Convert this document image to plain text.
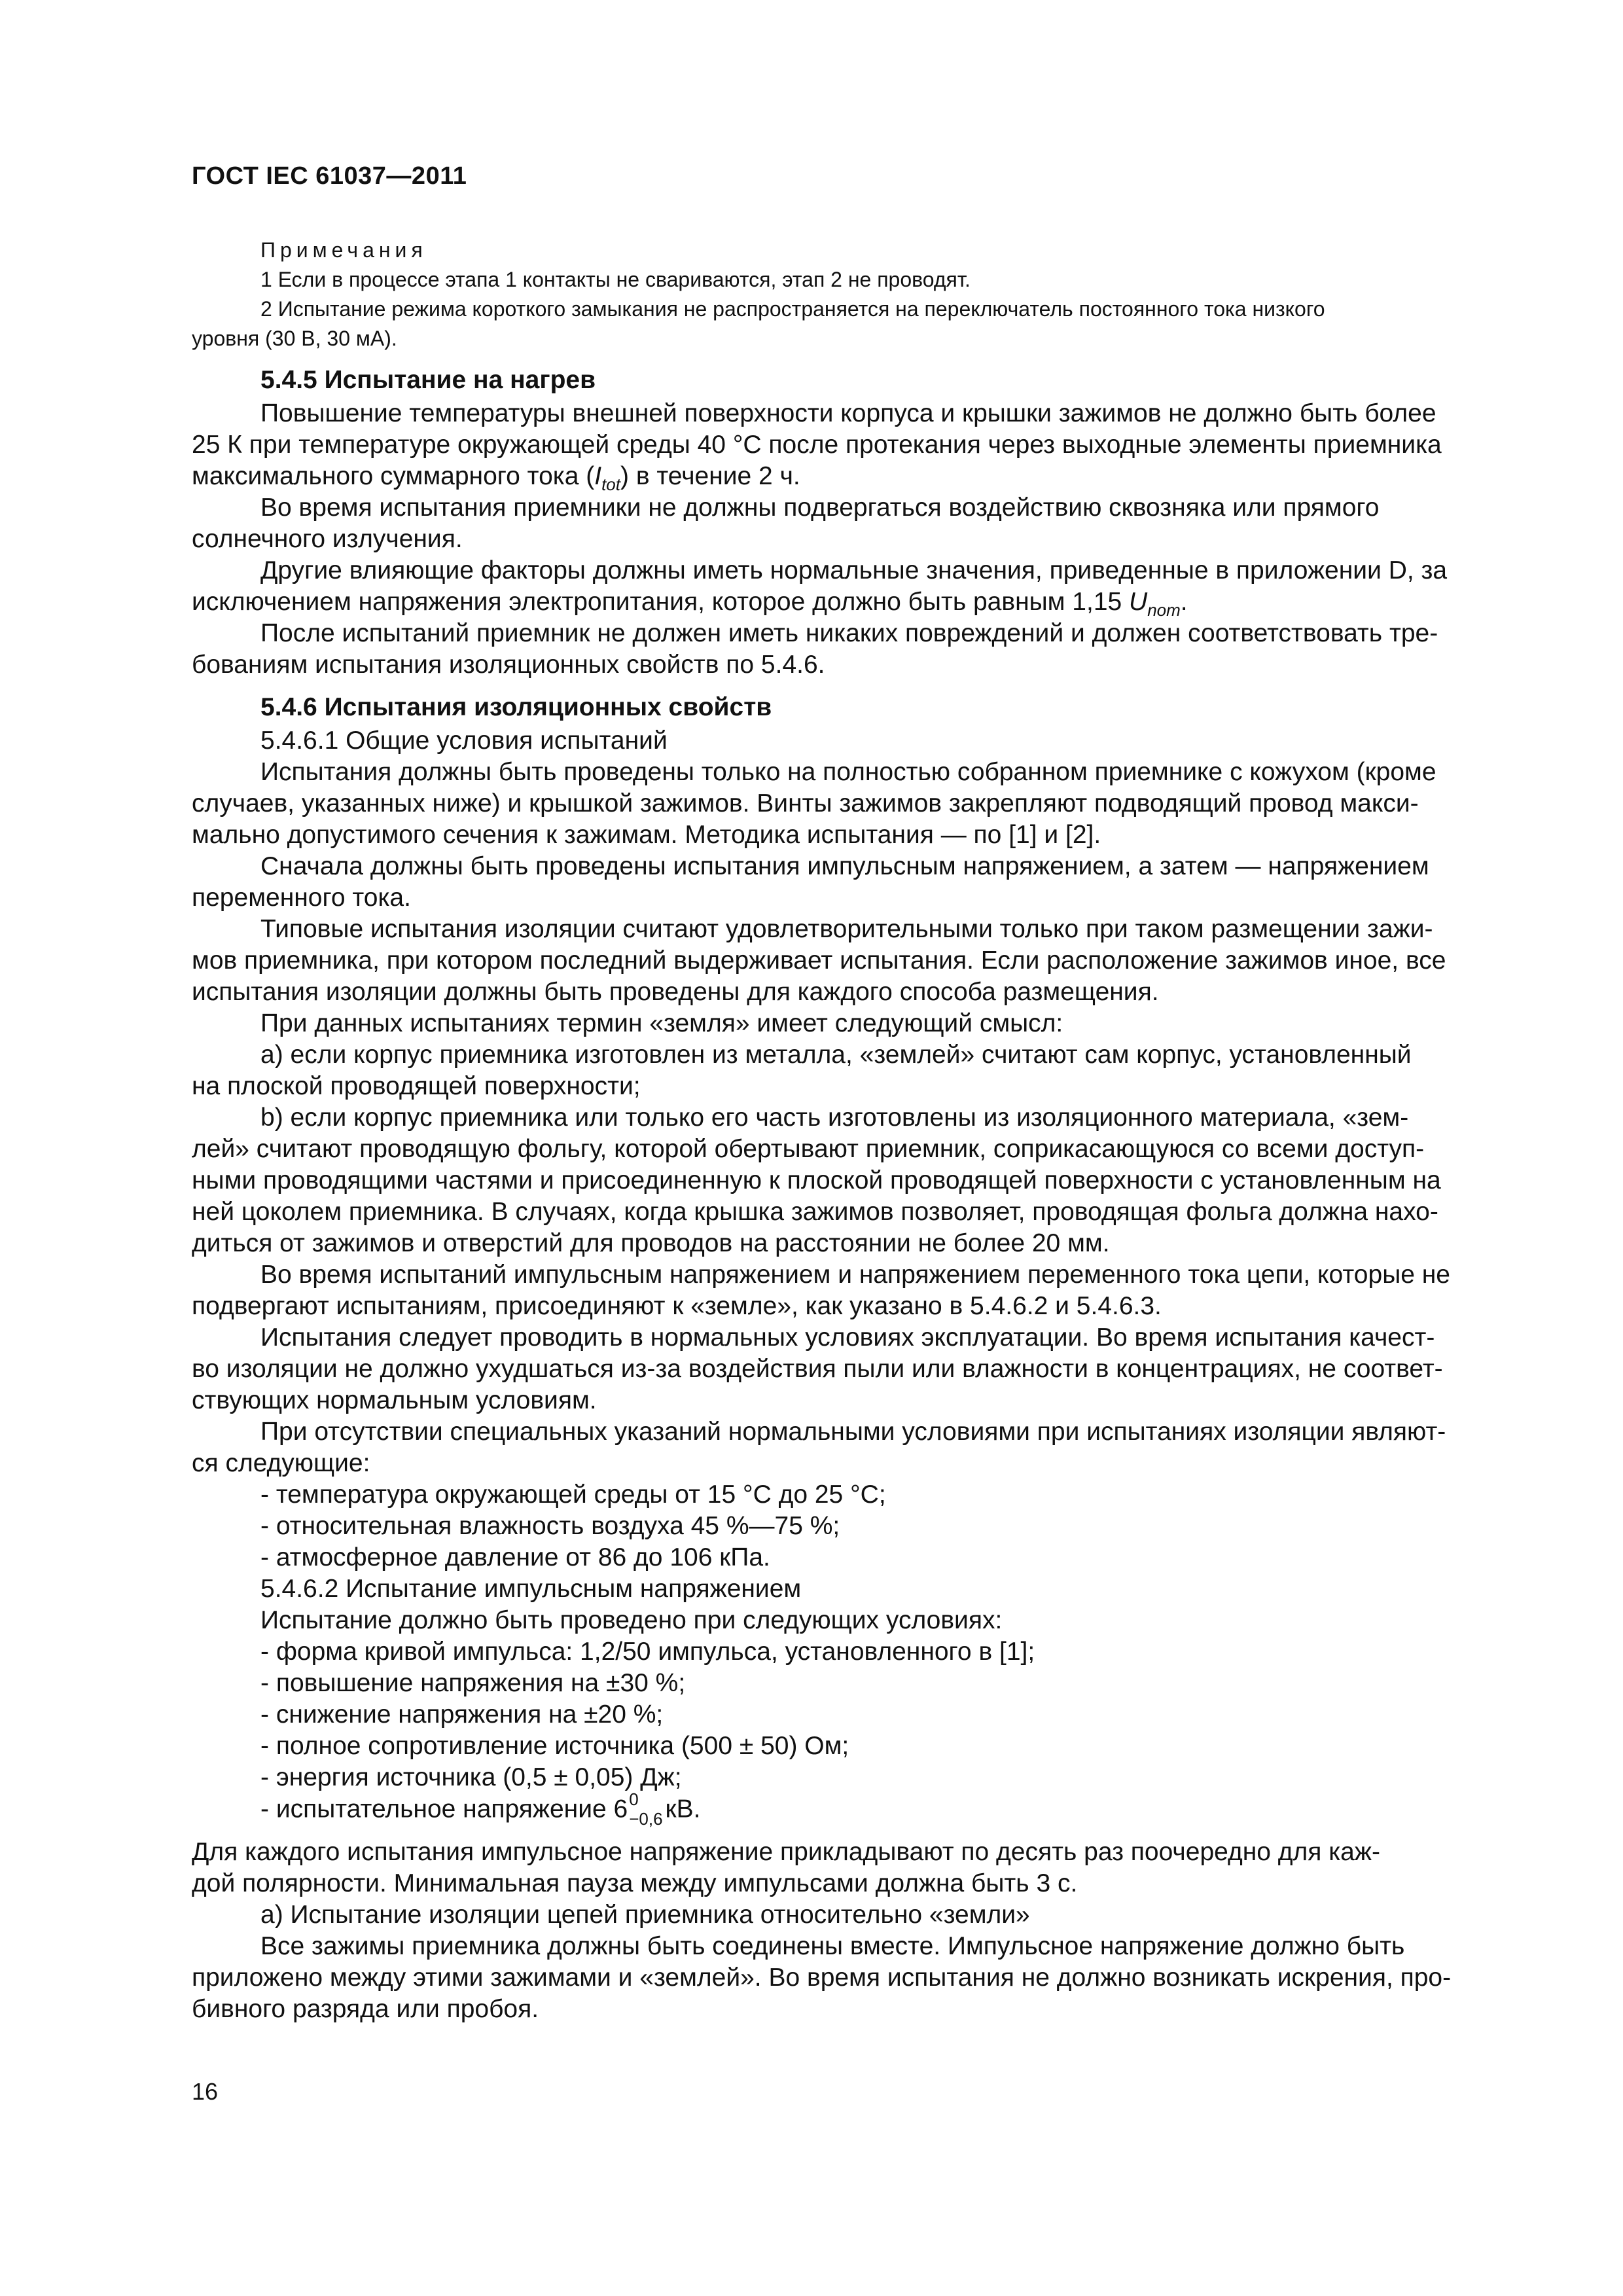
ГОСТ IEC 61037—2011

Примечания

1 Если в процессе этапа 1 контакты не свариваются, этап 2 не проводят.

2 Испытание режима короткого замыкания не распространяется на переключатель постоянного тока низкого

уровня (30 В, 30 мА).

5.4.5 Испытание на нагрев

Повышение температуры внешней поверхности корпуса и крышки зажимов не должно быть более

25 К при температуре окружающей среды 40 °С после протекания через выходные элементы приемника

максимального суммарного тока $(I_{tot})$ в течение 2 ч.

Во время испытания приемники не должны подвергаться воздействию сквозняка или прямого

солнечного излучения.

Другие влияющие факторы должны иметь нормальные значения, приведенные в приложении D, за

исключением напряжения электропитания, которое должно быть равным 1,15 $U_{nom}$.

После испытаний приемник не должен иметь никаких повреждений и должен соответствовать тре-

бованиям испытания изоляционных свойств по 5.4.6.

5.4.6 Испытания изоляционных свойств

5.4.6.1 Общие условия испытаний

Испытания должны быть проведены только на полностью собранном приемнике с кожухом (кроме

случаев, указанных ниже) и крышкой зажимов. Винты зажимов закрепляют подводящий провод макси-

мально допустимого сечения к зажимам. Методика испытания — по [1] и [2].

Сначала должны быть проведены испытания импульсным напряжением, а затем — напряжением

переменного тока.

Типовые испытания изоляции считают удовлетворительными только при таком размещении зажи-

мов приемника, при котором последний выдерживает испытания. Если расположение зажимов иное, все

испытания изоляции должны быть проведены для каждого способа размещения.

При данных испытаниях термин «земля» имеет следующий смысл:

a) если корпус приемника изготовлен из металла, «землей» считают сам корпус, установленный

на плоской проводящей поверхности;

b) если корпус приемника или только его часть изготовлены из изоляционного материала, «зем-

лей» считают проводящую фольгу, которой обертывают приемник, соприкасающуюся со всеми доступ-

ными проводящими частями и присоединенную к плоской проводящей поверхности с установленным на

ней цоколем приемника. В случаях, когда крышка зажимов позволяет, проводящая фольга должна нахо-

диться от зажимов и отверстий для проводов на расстоянии не более 20 мм.

Во время испытаний импульсным напряжением и напряжением переменного тока цепи, которые не

подвергают испытаниям, присоединяют к «земле», как указано в 5.4.6.2 и 5.4.6.3.

Испытания следует проводить в нормальных условиях эксплуатации. Во время испытания качест-

во изоляции не должно ухудшаться из-за воздействия пыли или влажности в концентрациях, не соответ-

ствующих нормальным условиям.

При отсутствии специальных указаний нормальными условиями при испытаниях изоляции являют-

ся следующие:

- температура окружающей среды от 15 °С до 25 °С;

- относительная влажность воздуха 45 %—75 %;

- атмосферное давление от 86 до 106 кПа.

5.4.6.2 Испытание импульсным напряжением

Испытание должно быть проведено при следующих условиях:

- форма кривой импульса: 1,2/50 импульса, установленного в [1];

- повышение напряжения на ±30 %;

- снижение напряжения на ±20 %;

- полное сопротивление источника (500 ± 50) Ом;

- энергия источника (0,5 ± 0,05) Дж;

- испытательное напряжение 6 0
−0,6 кВ.

Для каждого испытания импульсное напряжение прикладывают по десять раз поочередно для каж-

дой полярности. Минимальная пауза между импульсами должна быть 3 с.

a) Испытание изоляции цепей приемника относительно «земли»

Все зажимы приемника должны быть соединены вместе. Импульсное напряжение должно быть

приложено между этими зажимами и «землей». Во время испытания не должно возникать искрения, про-

бивного разряда или пробоя.

16
